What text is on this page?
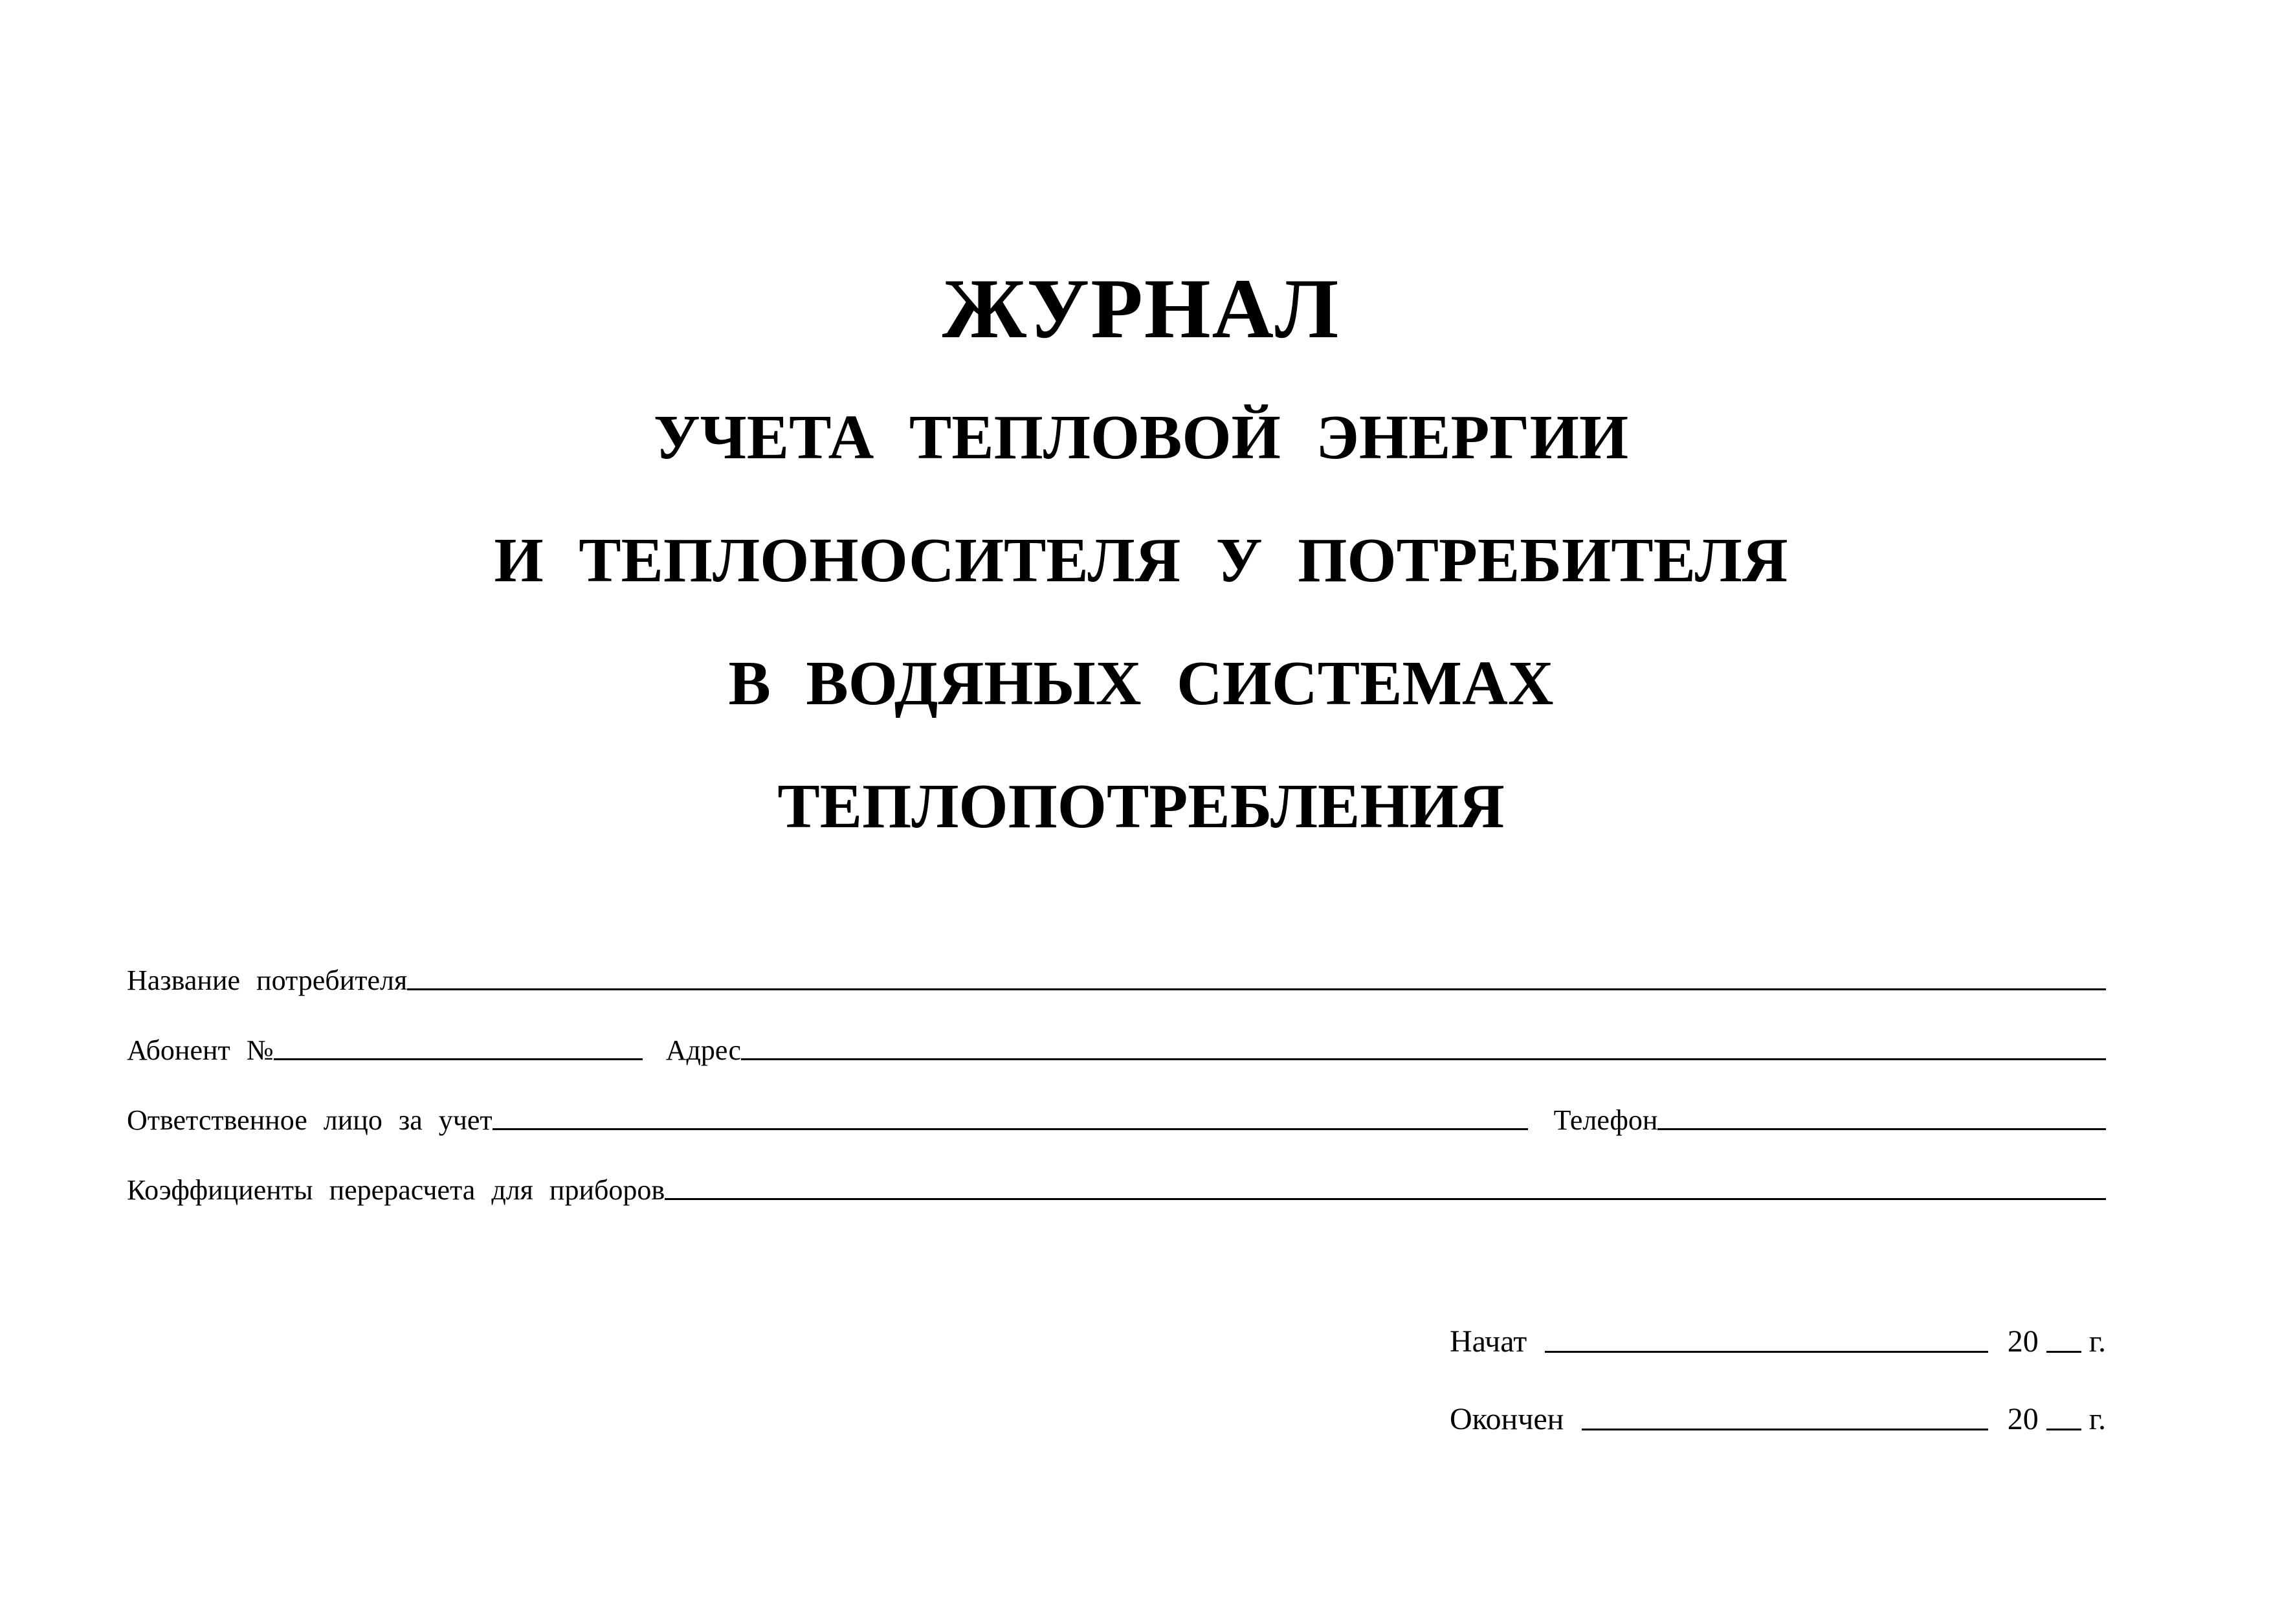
ЖУРНАЛ
УЧЕТА ТЕПЛОВОЙ ЭНЕРГИИ
И ТЕПЛОНОСИТЕЛЯ У ПОТРЕБИТЕЛЯ
В ВОДЯНЫХ СИСТЕМАХ
ТЕПЛОПОТРЕБЛЕНИЯ
Название потребителя
Абонент №	Адрес
Ответственное лицо за учет	Телефон
Коэффициенты перерасчета для приборов
Начат	20 г.
Окончен	20 г.
